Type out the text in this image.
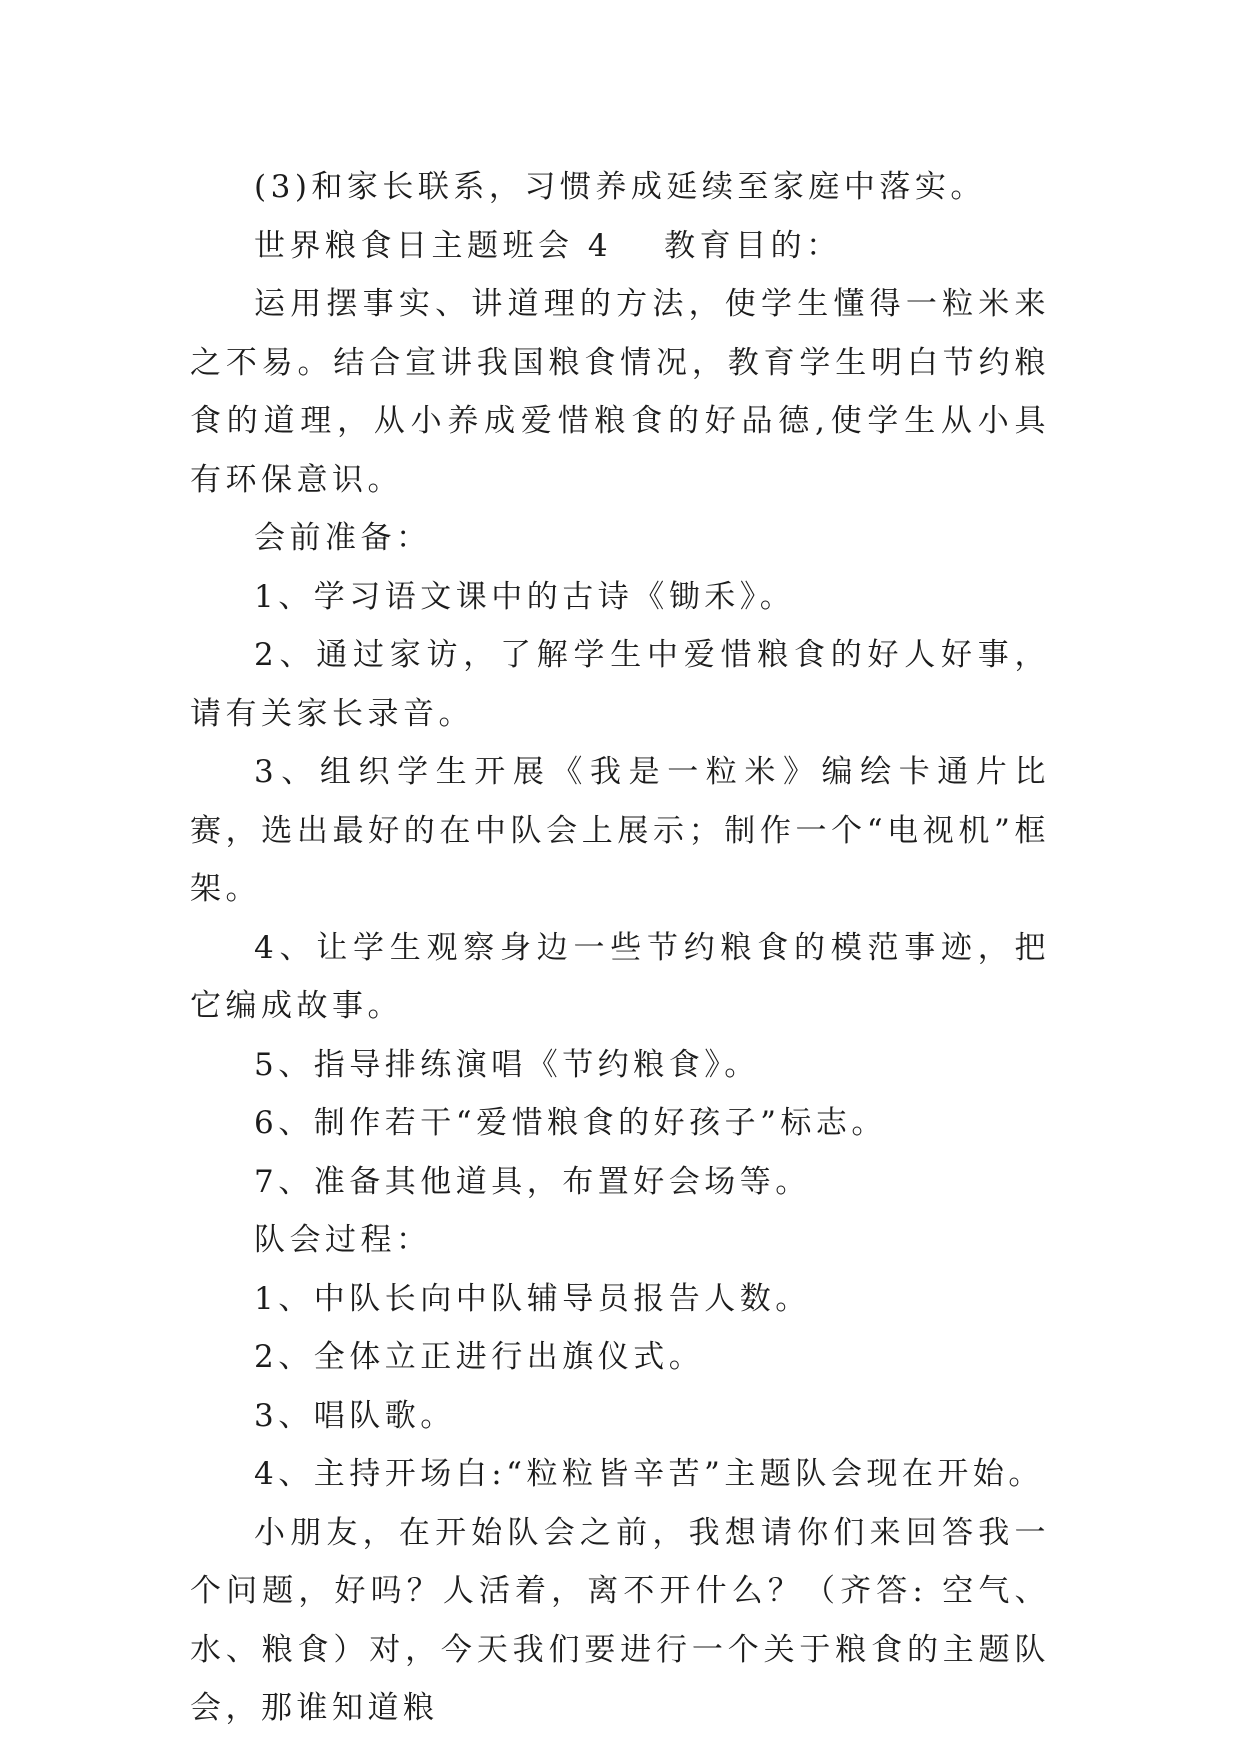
(3)和家长联系，习惯养成延续至家庭中落实。

世界粮食日主题班会 4 教育目的：

运用摆事实、讲道理的方法，使学生懂得一粒米来之不易。结合宣讲我国粮食情况，教育学生明白节约粮食的道理，从小养成爱惜粮食的好品德,使学生从小具有环保意识。

会前准备：

1、学习语文课中的古诗《锄禾》。

2、通过家访，了解学生中爱惜粮食的好人好事，请有关家长录音。

3、组织学生开展《我是一粒米》编绘卡通片比赛，选出最好的在中队会上展示；制作一个“电视机”框架。

4、让学生观察身边一些节约粮食的模范事迹，把它编成故事。

5、指导排练演唱《节约粮食》。

6、制作若干“爱惜粮食的好孩子”标志。

7、准备其他道具，布置好会场等。

队会过程：

1、中队长向中队辅导员报告人数。

2、全体立正进行出旗仪式。

3、唱队歌。

4、主持开场白:“粒粒皆辛苦”主题队会现在开始。

小朋友，在开始队会之前，我想请你们来回答我一个问题，好吗？人活着，离不开什么？（齐答: 空气、水、粮食）对，今天我们要进行一个关于粮食的主题队会，那谁知道粮
